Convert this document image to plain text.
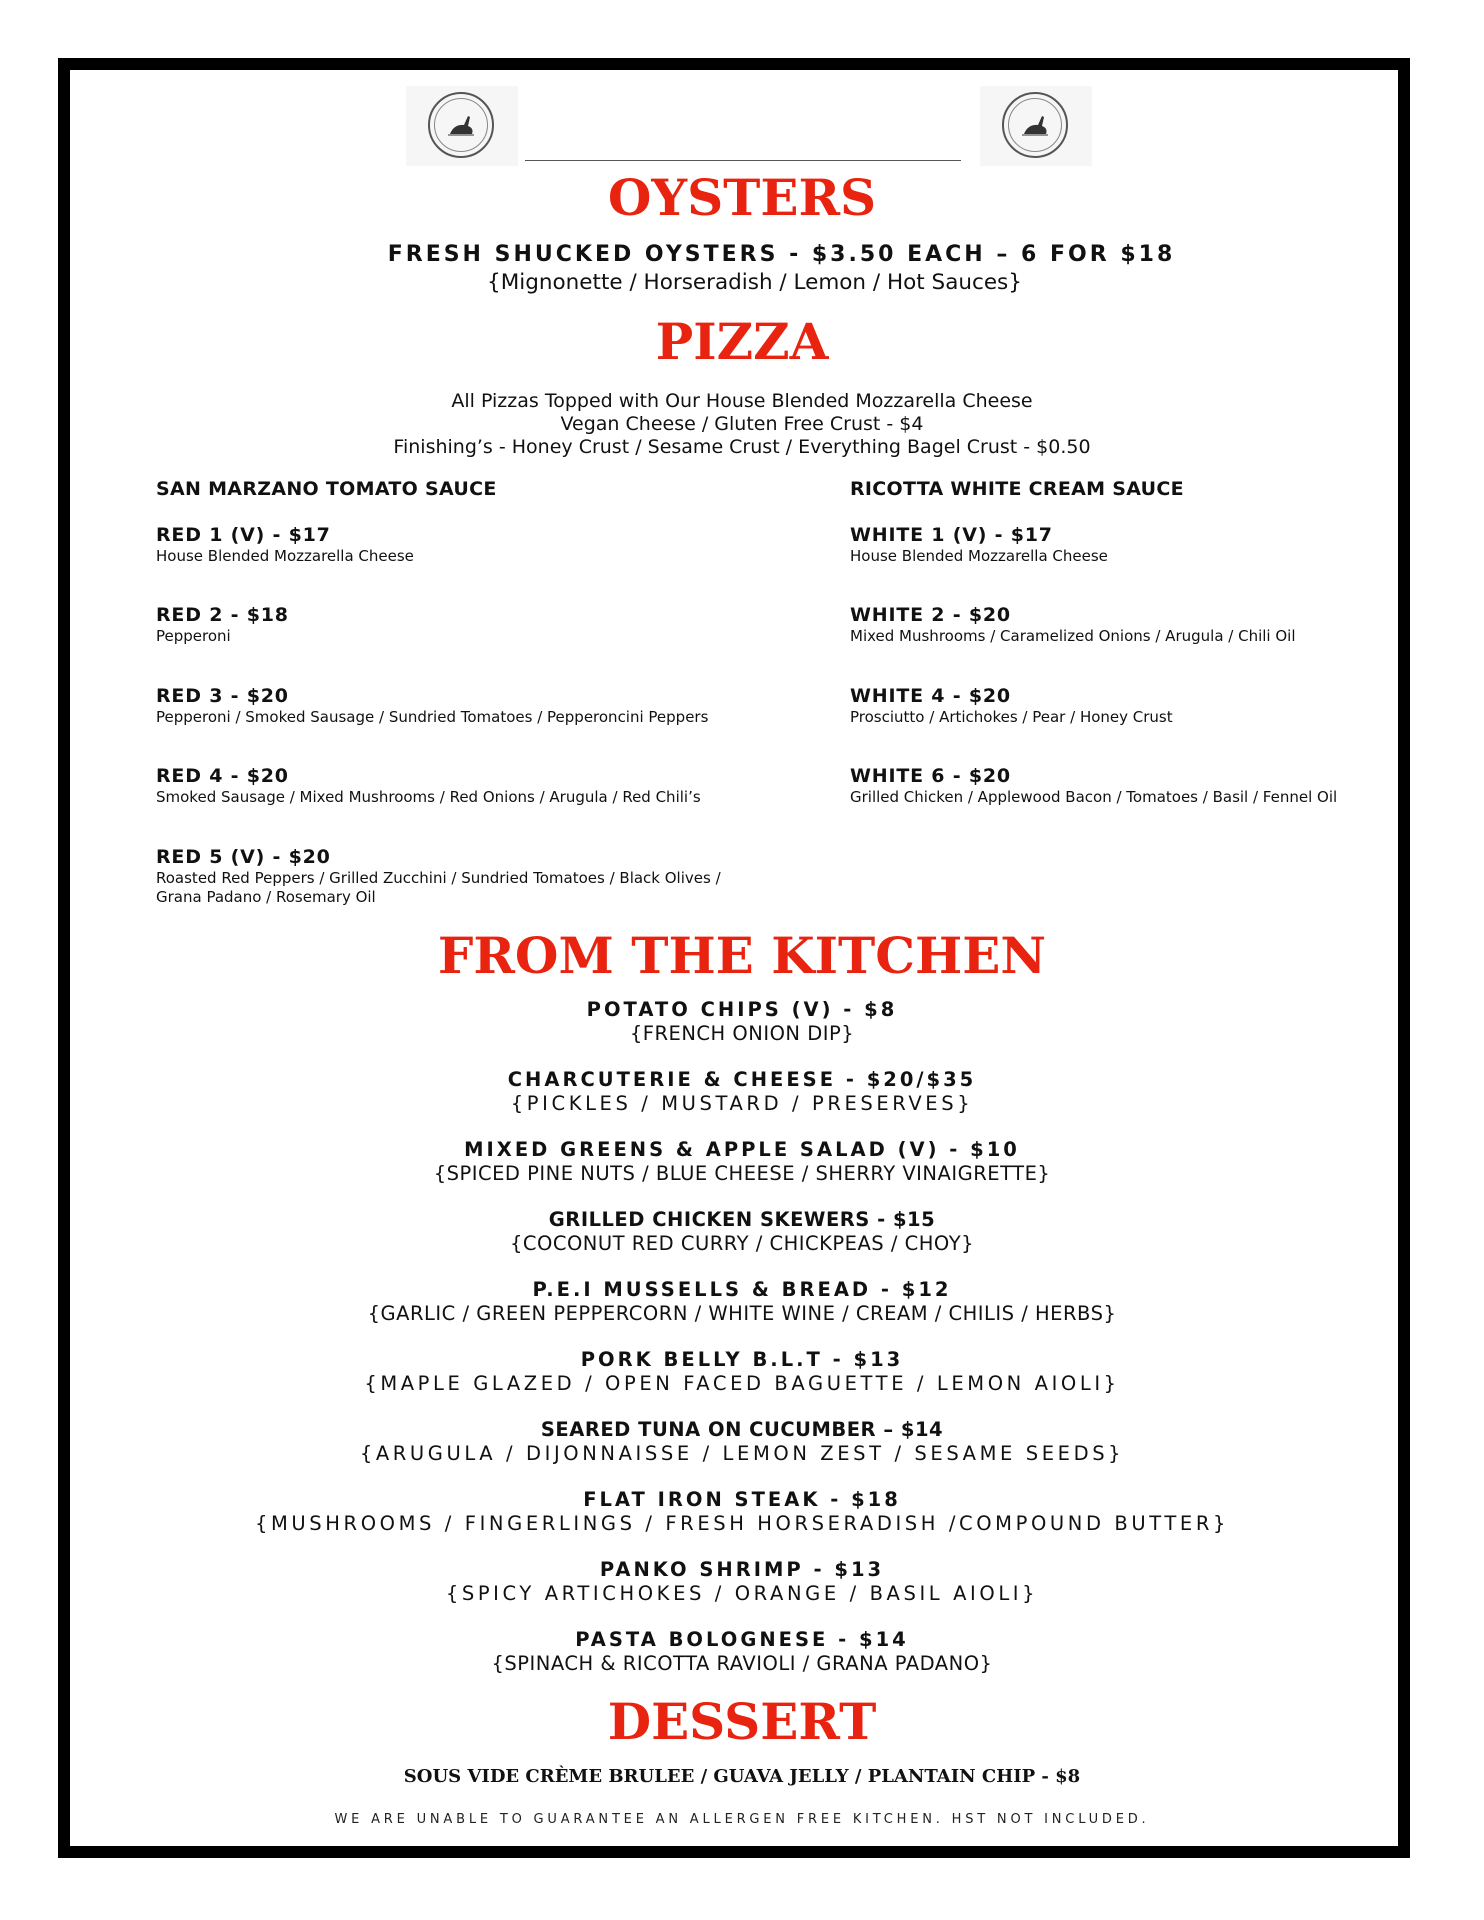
OYSTERS
FRESH SHUCKED OYSTERS - $3.50 EACH – 6 FOR $18
{Mignonette / Horseradish / Lemon / Hot Sauces}
PIZZA
All Pizzas Topped with Our House Blended Mozzarella Cheese
Vegan Cheese / Gluten Free Crust - $4
Finishing’s - Honey Crust / Sesame Crust / Everything Bagel Crust - $0.50
SAN MARZANO TOMATO SAUCE	RICOTTA WHITE CREAM SAUCE
RED 1 (V) - $17
House Blended Mozzarella Cheese
RED 2 - $18
Pepperoni
RED 3 - $20
Pepperoni / Smoked Sausage / Sundried Tomatoes / Pepperoncini Peppers
RED 4 - $20
Smoked Sausage / Mixed Mushrooms / Red Onions / Arugula / Red Chili’s
RED 5 (V) - $20
Roasted Red Peppers / Grilled Zucchini / Sundried Tomatoes / Black Olives /
Grana Padano / Rosemary Oil
WHITE 1 (V) - $17
House Blended Mozzarella Cheese
WHITE 2 - $20
Mixed Mushrooms / Caramelized Onions / Arugula / Chili Oil
WHITE 4 - $20
Prosciutto / Artichokes / Pear / Honey Crust
WHITE 6 - $20
Grilled Chicken / Applewood Bacon / Tomatoes / Basil / Fennel Oil
FROM THE KITCHEN
POTATO CHIPS (V) - $8
{FRENCH ONION DIP}
CHARCUTERIE & CHEESE - $20/$35
{PICKLES / MUSTARD / PRESERVES}
MIXED GREENS & APPLE SALAD (V) - $10
{SPICED PINE NUTS / BLUE CHEESE / SHERRY VINAIGRETTE}
GRILLED CHICKEN SKEWERS - $15
{COCONUT RED CURRY / CHICKPEAS / CHOY}
P.E.I MUSSELLS & BREAD - $12
{GARLIC / GREEN PEPPERCORN / WHITE WINE / CREAM / CHILIS / HERBS}
PORK BELLY B.L.T - $13
{MAPLE GLAZED / OPEN FACED BAGUETTE / LEMON AIOLI}
SEARED TUNA ON CUCUMBER – $14
{ARUGULA / DIJONNAISSE / LEMON ZEST / SESAME SEEDS}
FLAT IRON STEAK - $18
{MUSHROOMS / FINGERLINGS / FRESH HORSERADISH /COMPOUND BUTTER}
PANKO SHRIMP - $13
{SPICY ARTICHOKES / ORANGE / BASIL AIOLI}
PASTA BOLOGNESE - $14
{SPINACH & RICOTTA RAVIOLI / GRANA PADANO}
DESSERT
SOUS VIDE CRÈME BRULEE / GUAVA JELLY / PLANTAIN CHIP - $8
WE ARE UNABLE TO GUARANTEE AN ALLERGEN FREE KITCHEN. HST NOT INCLUDED.
